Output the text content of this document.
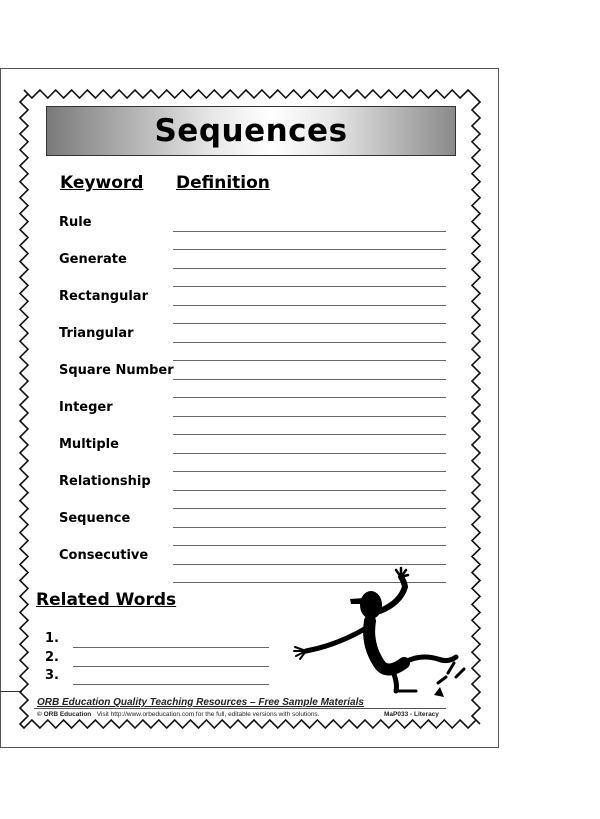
Sequences
Keyword Definition
Rule
Generate
Rectangular
Triangular
Square Number
Integer
Multiple
Relationship
Sequence
Consecutive
Related Words
1.
2.
3.
ORB Education Quality Teaching Resources – Free Sample Materials
© ORB Education Visit http://www.orbeducation.com for the full, editable versions with solutions.	MaP033 - Literacy
